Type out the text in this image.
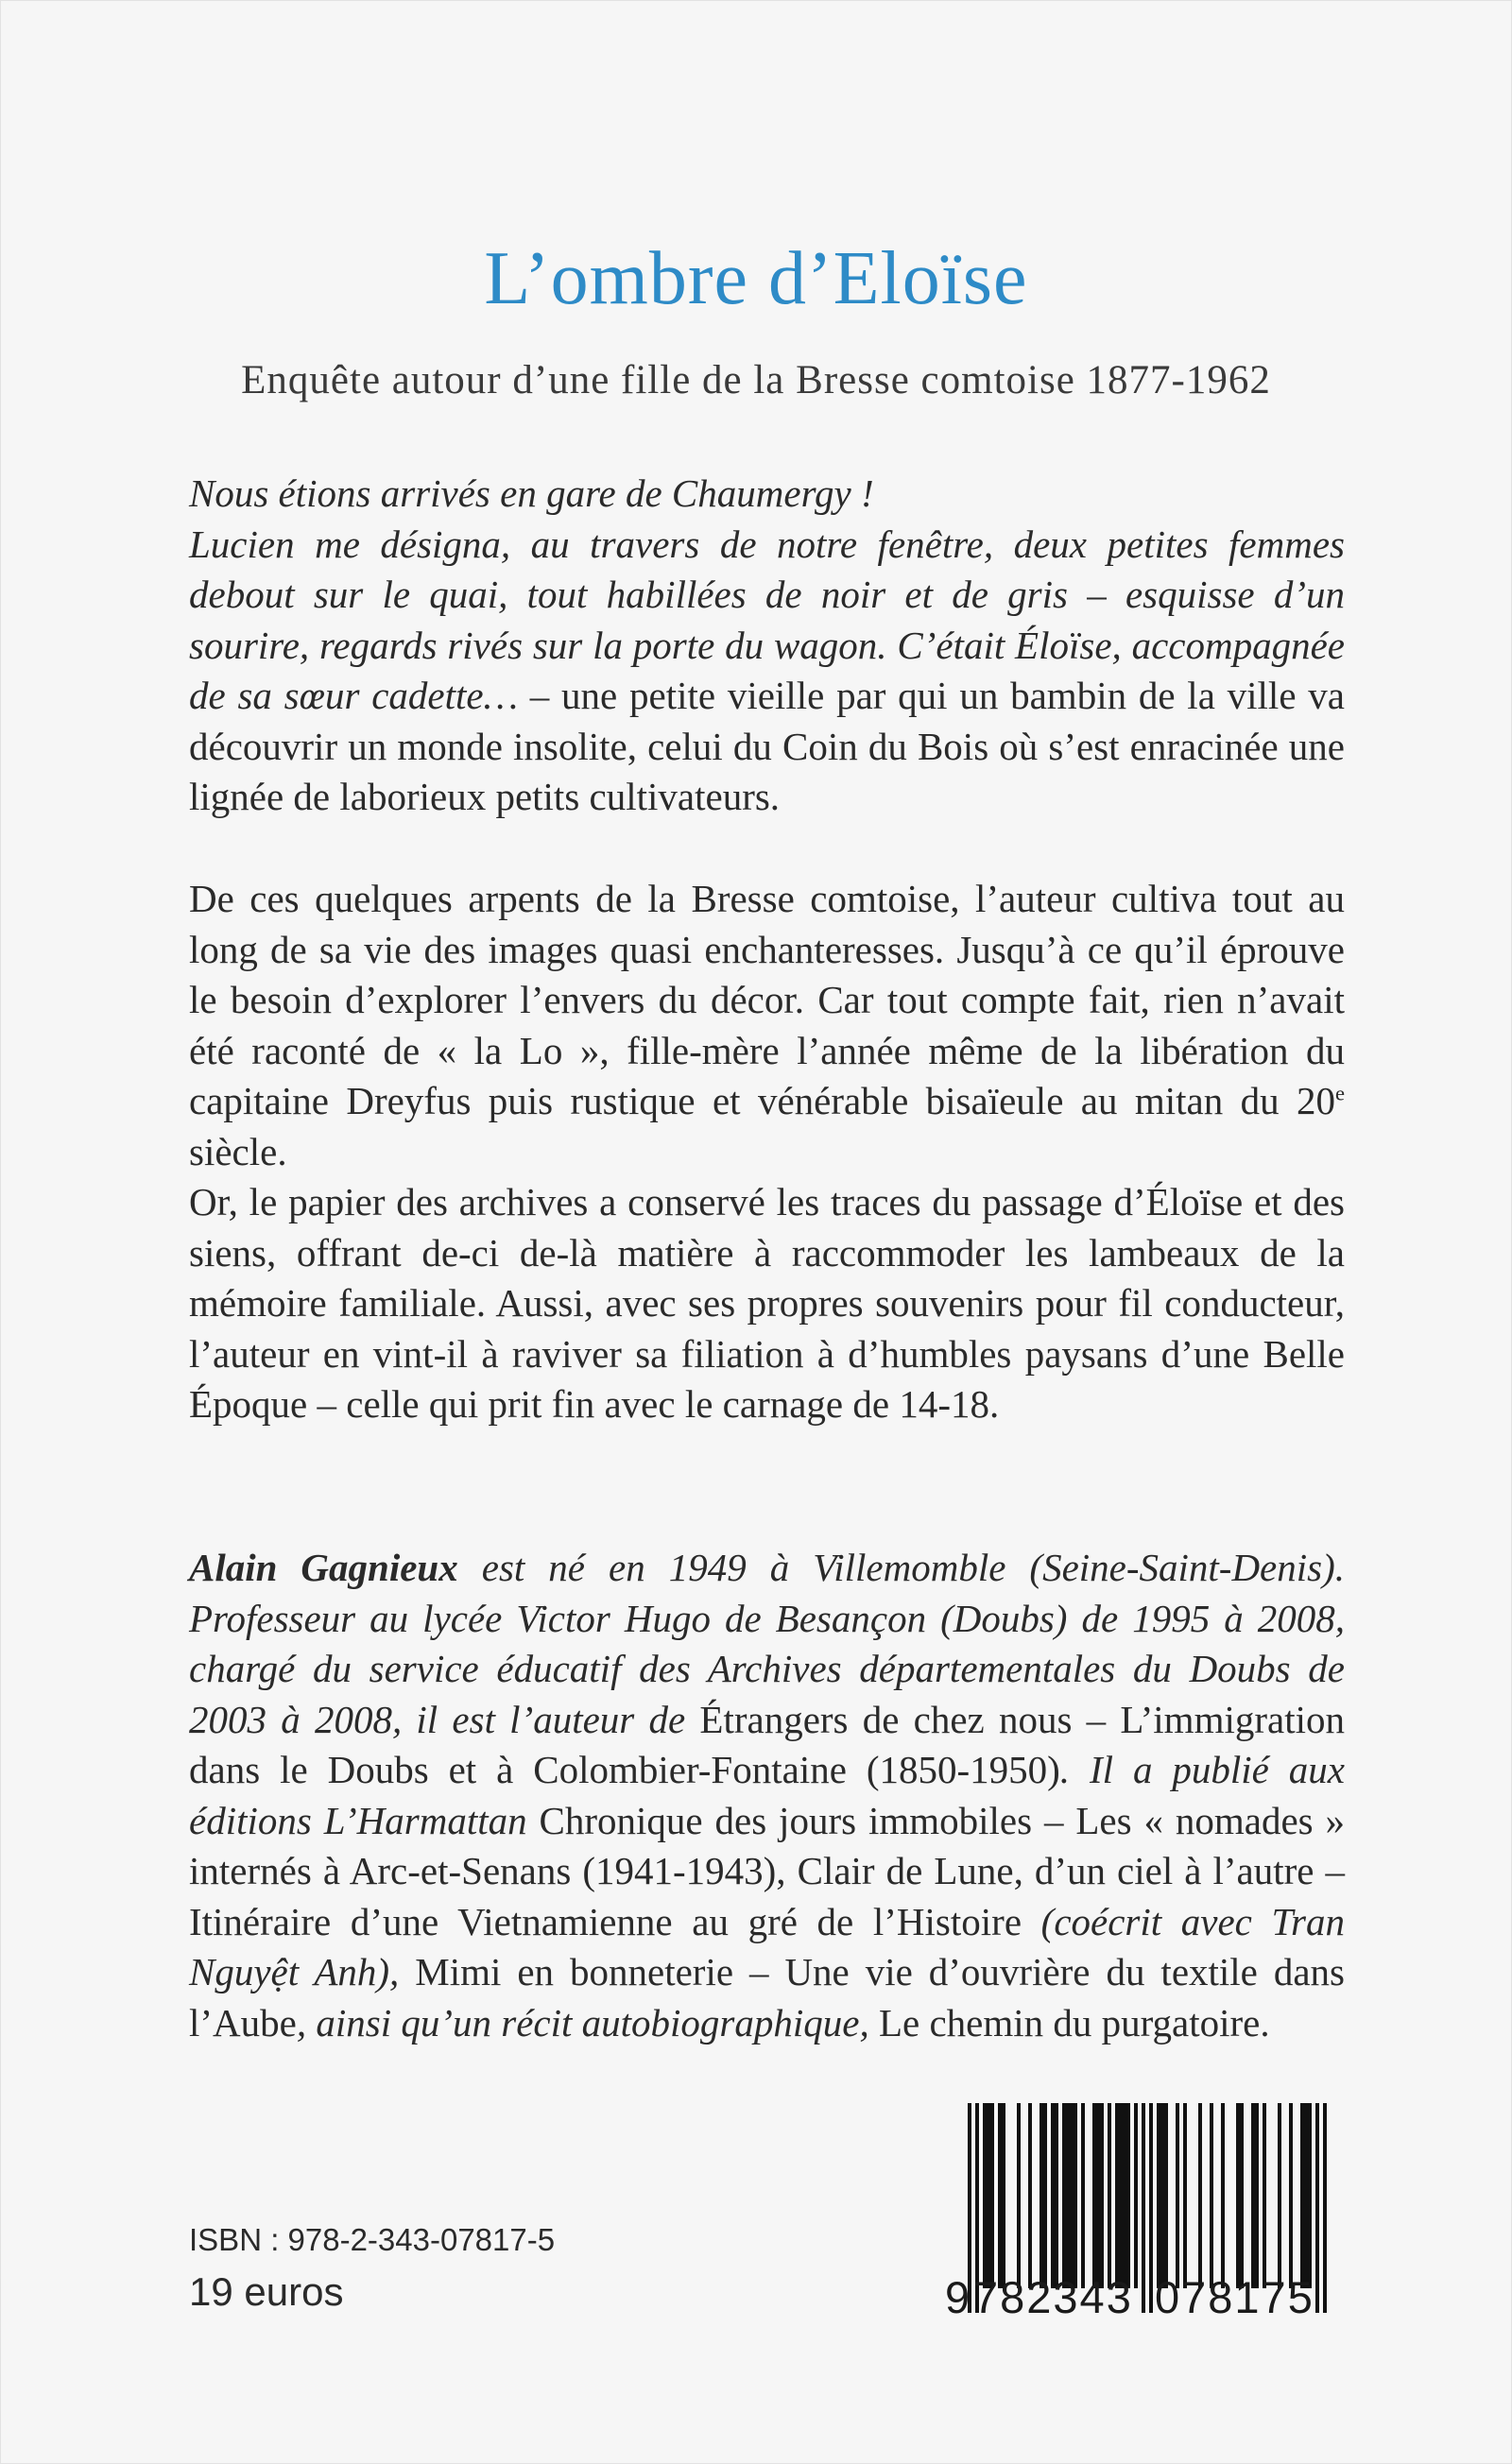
L’ombre d’Eloïse
Enquête autour d’une fille de la Bresse comtoise 1877-1962

Nous étions arrivés en gare de Chaumergy !
Lucien me désigna, au travers de notre fenêtre, deux petites femmes debout sur le quai, tout habillées de noir et de gris – esquisse d’un sourire, regards rivés sur la porte du wagon. C’était Éloïse, accompagnée de sa sœur cadette… – une petite vieille par qui un bambin de la ville va découvrir un monde insolite, celui du Coin du Bois où s’est enracinée une lignée de laborieux petits cultivateurs.

De ces quelques arpents de la Bresse comtoise, l’auteur cultiva tout au long de sa vie des images quasi enchanteresses. Jusqu’à ce qu’il éprouve le besoin d’explorer l’envers du décor. Car tout compte fait, rien n’avait été raconté de « la Lo », fille-mère l’année même de la libération du capitaine Dreyfus puis rustique et vénérable bisaïeule au mitan du 20e siècle.

Or, le papier des archives a conservé les traces du passage d’Éloïse et des siens, offrant de-ci de-là matière à raccommoder les lambeaux de la mémoire familiale. Aussi, avec ses propres souvenirs pour fil conducteur, l’auteur en vint-il à raviver sa filiation à d’humbles paysans d’une Belle Époque – celle qui prit fin avec le carnage de 14-18.

Alain Gagnieux est né en 1949 à Villemomble (Seine-Saint-Denis). Professeur au lycée Victor Hugo de Besançon (Doubs) de 1995 à 2008, chargé du service éducatif des Archives départementales du Doubs de 2003 à 2008, il est l’auteur de Étrangers de chez nous – L’immigration dans le Doubs et à Colombier-Fontaine (1850-1950). Il a publié aux éditions L’Harmattan Chronique des jours immobiles – Les « nomades » internés à Arc-et-Senans (1941-1943), Clair de Lune, d’un ciel à l’autre – Itinéraire d’une Vietnamienne au gré de l’Histoire (coécrit avec Tran Nguyệt Anh), Mimi en bonneterie – Une vie d’ouvrière du textile dans l’Aube, ainsi qu’un récit autobiographique, Le chemin du purgatoire.

ISBN : 978-2-343-07817-5
19 euros	9 782343 078175
